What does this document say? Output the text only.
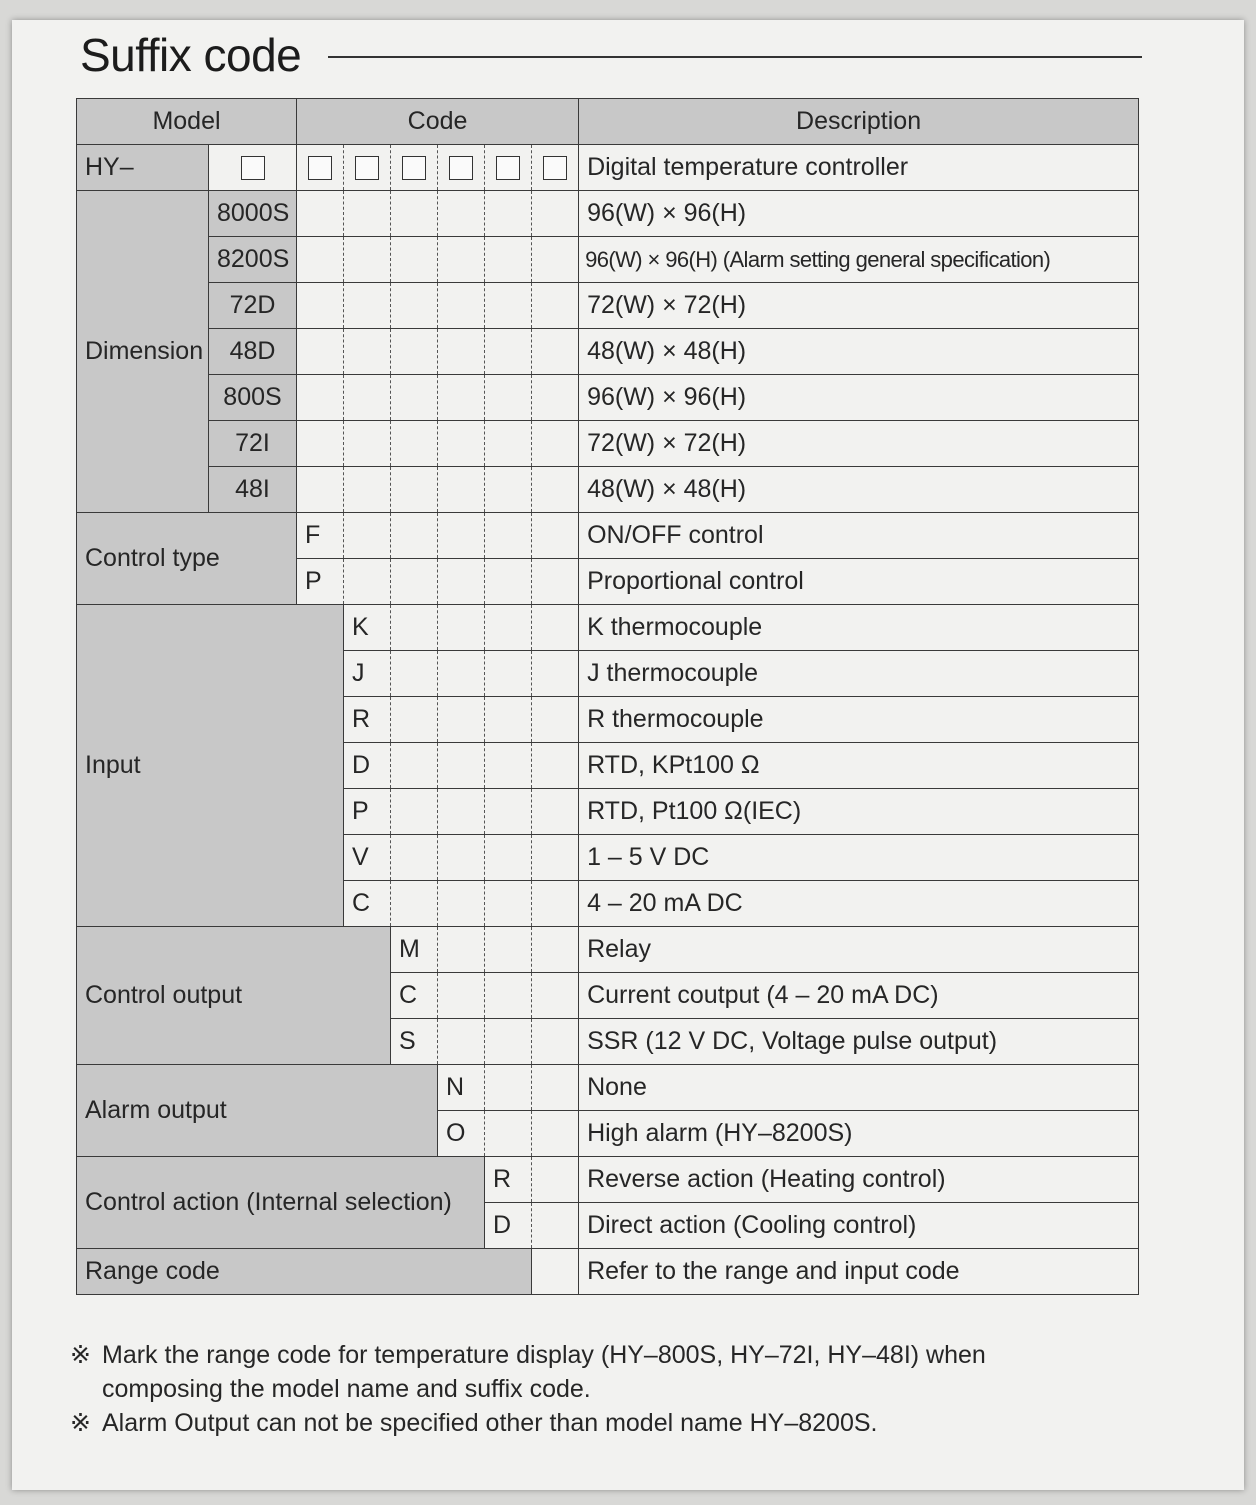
Suffix code
Model		Code						Description
HY–								Digital temperature controller
Dimension	8000S							96(W) × 96(H)
	8200S							96(W) × 96(H) (Alarm setting general specification)
	72D							72(W) × 72(H)
	48D							48(W) × 48(H)
	800S							96(W) × 96(H)
	72I							72(W) × 72(H)
	48I							48(W) × 48(H)
Control type		F						ON/OFF control
		P						Proportional control
Input			K					K thermocouple
			J					J thermocouple
			R					R thermocouple
			D					RTD, KPt100 Ω
			P					RTD, Pt100 Ω(IEC)
			V					1 – 5 V DC
			C					4 – 20 mA DC
Control output				M				Relay
				C				Current coutput (4 – 20 mA DC)
				S				SSR (12 V DC, Voltage pulse output)
Alarm output					N			None
					O			High alarm (HY–8200S)
Control action (Internal selection)						R		Reverse action (Heating control)
						D		Direct action (Cooling control)
Range code								Refer to the range and input code
※ Mark the range code for temperature display (HY–800S, HY–72I, HY–48I) when composing the model name and suffix code.
※ Alarm Output can not be specified other than model name HY–8200S.
